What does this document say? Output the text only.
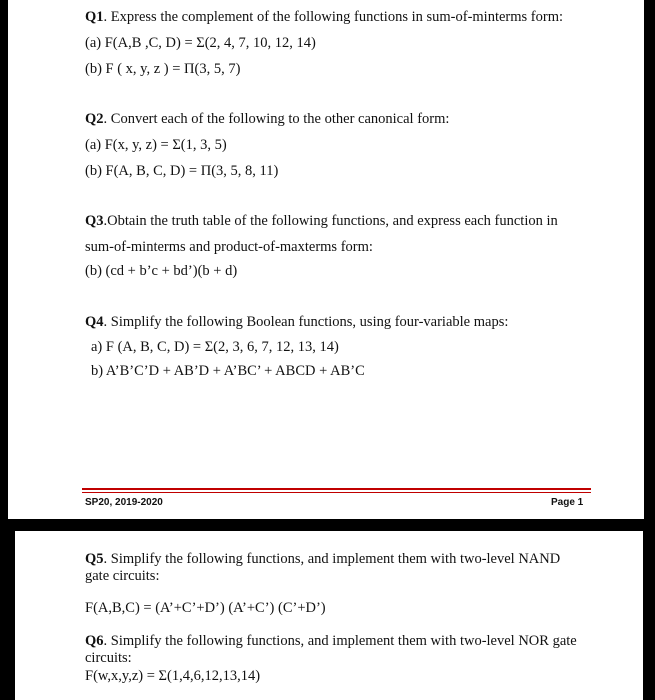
Q1. Express the complement of the following functions in sum-of-minterms form:
(a) F(A,B ,C, D) = Σ(2, 4, 7, 10, 12, 14)
(b) F ( x, y, z ) = Π(3, 5, 7)
Q2. Convert each of the following to the other canonical form:
(a) F(x, y, z) = Σ(1, 3, 5)
(b) F(A, B, C, D) = Π(3, 5, 8, 11)
Q3.Obtain the truth table of the following functions, and express each function in
sum-of-minterms and product-of-maxterms form:
(b) (cd + b’c + bd’)(b + d)
Q4. Simplify the following Boolean functions, using four-variable maps:
a) F (A, B, C, D) = Σ(2, 3, 6, 7, 12, 13, 14)
b) A’B’C’D + AB’D + A’BC’ + ABCD + AB’C
SP20, 2019-2020	Page 1
Q5. Simplify the following functions, and implement them with two-level NAND
gate circuits:
F(A,B,C) = (A’+C’+D’) (A’+C’) (C’+D’)
Q6. Simplify the following functions, and implement them with two-level NOR gate
circuits:
F(w,x,y,z) = Σ(1,4,6,12,13,14)
